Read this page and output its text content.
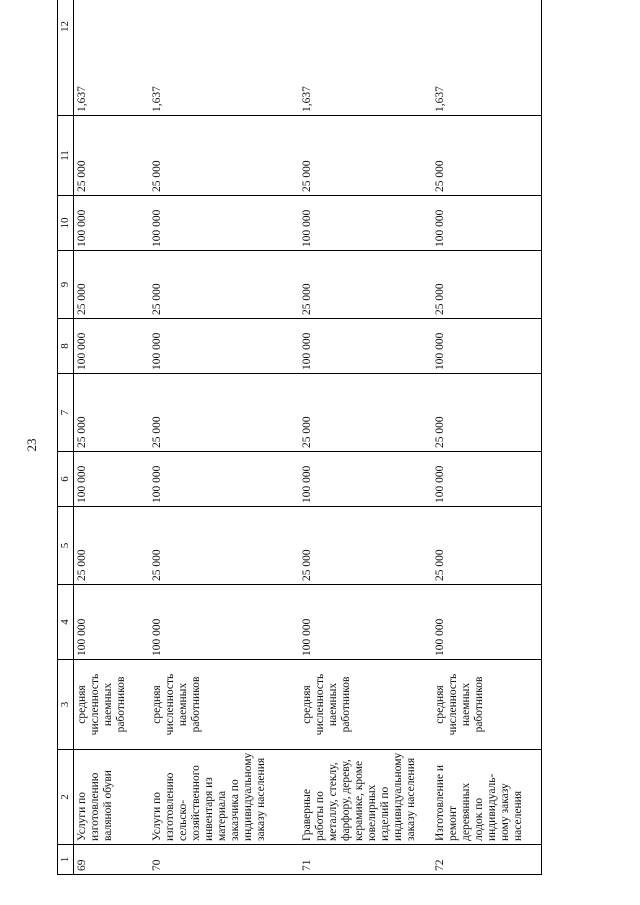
23
1	2	3	4	5	6	7	8	9	10	11	12
69	Услуги по изготовлению валяной обуви	средняя численность наемных работников	100 000	25 000	100 000	25 000	100 000	25 000	100 000	25 000	1,637
70	Услуги по изготовлению сельско-хозяйственного инвентаря из материала заказчика по индивидуальному заказу населения	средняя численность наемных работников	100 000	25 000	100 000	25 000	100 000	25 000	100 000	25 000	1,637
71	Граверные работы по металлу, стеклу, фарфору, дереву, керамике, кроме ювелирных изделий по индивидуальному заказу населения	средняя численность наемных работников	100 000	25 000	100 000	25 000	100 000	25 000	100 000	25 000	1,637
72	Изготовление и ремонт деревянных лодок по индивидуаль-ному заказу населения	средняя численность наемных работников	100 000	25 000	100 000	25 000	100 000	25 000	100 000	25 000	1,637
